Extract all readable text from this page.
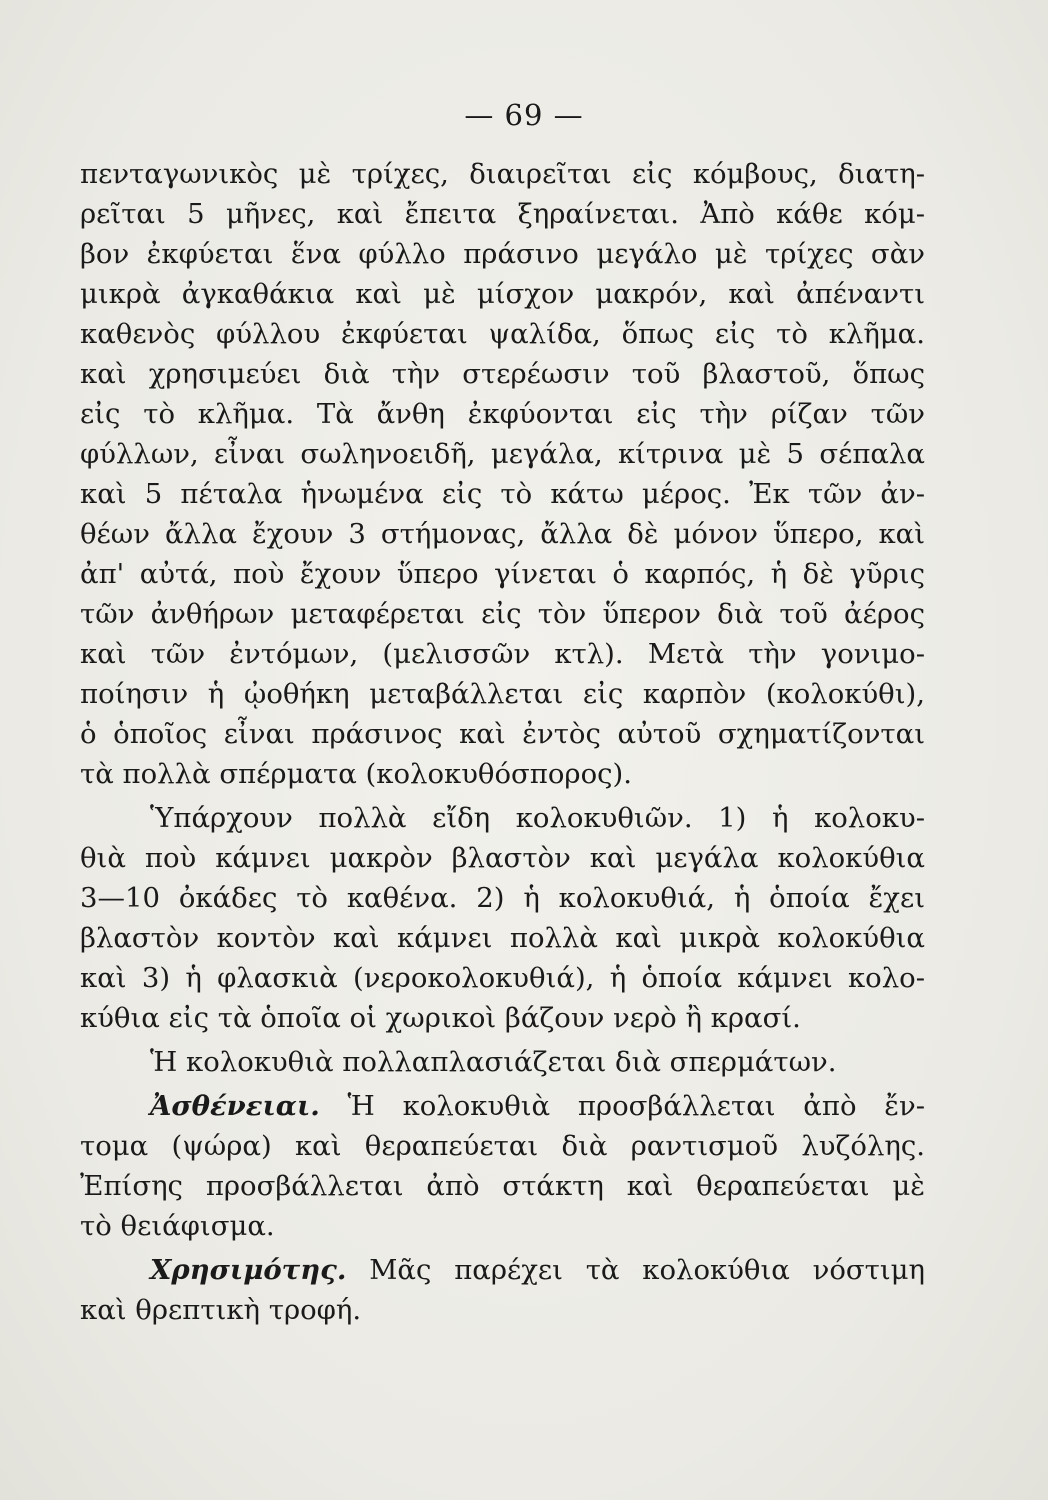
— 69 —
πενταγωνικὸς μὲ τρίχες, διαιρεῖται εἰς κόμβους, διατη-
ρεῖται 5 μῆνες, καὶ ἔπειτα ξηραίνεται. Ἀπὸ κάθε κόμ-
βον ἐκφύεται ἕνα φύλλο πράσινο μεγάλο μὲ τρίχες σὰν
μικρὰ ἀγκαθάκια καὶ μὲ μίσχον μακρόν, καὶ ἀπέναντι
καθενὸς φύλλου ἐκφύεται ψαλίδα, ὅπως εἰς τὸ κλῆμα.
καὶ χρησιμεύει διὰ τὴν στερέωσιν τοῦ βλαστοῦ, ὅπως
εἰς τὸ κλῆμα. Τὰ ἄνθη ἐκφύονται εἰς τὴν ρίζαν τῶν
φύλλων, εἶναι σωληνοειδῆ, μεγάλα, κίτρινα μὲ 5 σέπαλα
καὶ 5 πέταλα ἡνωμένα εἰς τὸ κάτω μέρος. Ἐκ τῶν ἀν-
θέων ἄλλα ἔχουν 3 στήμονας, ἄλλα δὲ μόνον ὕπερο, καὶ
ἀπ' αὐτά, ποὺ ἔχουν ὕπερο γίνεται ὁ καρπός, ἡ δὲ γῦρις
τῶν ἀνθήρων μεταφέρεται εἰς τὸν ὕπερον διὰ τοῦ ἀέρος
καὶ τῶν ἐντόμων, (μελισσῶν κτλ). Μετὰ τὴν γονιμο-
ποίησιν ἡ ᾠοθήκη μεταβάλλεται εἰς καρπὸν (κολοκύθι),
ὁ ὁποῖος εἶναι πράσινος καὶ ἐντὸς αὐτοῦ σχηματίζονται
τὰ πολλὰ σπέρματα (κολοκυθόσπορος).
Ὑπάρχουν πολλὰ εἴδη κολοκυθιῶν. 1) ἡ κολοκυ-
θιὰ ποὺ κάμνει μακρὸν βλαστὸν καὶ μεγάλα κολοκύθια
3—10 ὀκάδες τὸ καθένα. 2) ἡ κολοκυθιά, ἡ ὁποία ἔχει
βλαστὸν κοντὸν καὶ κάμνει πολλὰ καὶ μικρὰ κολοκύθια
καὶ 3) ἡ φλασκιὰ (νεροκολοκυθιά), ἡ ὁποία κάμνει κολο-
κύθια εἰς τὰ ὁποῖα οἱ χωρικοὶ βάζουν νερὸ ἢ κρασί.
Ἡ κολοκυθιὰ πολλαπλασιάζεται διὰ σπερμάτων.
Ἀσθένειαι. Ἡ κολοκυθιὰ προσβάλλεται ἀπὸ ἔν-
τομα (ψώρα) καὶ θεραπεύεται διὰ ραντισμοῦ λυζόλης.
Ἐπίσης προσβάλλεται ἀπὸ στάκτη καὶ θεραπεύεται μὲ
τὸ θειάφισμα.
Χρησιμότης. Μᾶς παρέχει τὰ κολοκύθια νόστιμη
καὶ θρεπτικὴ τροφή.
